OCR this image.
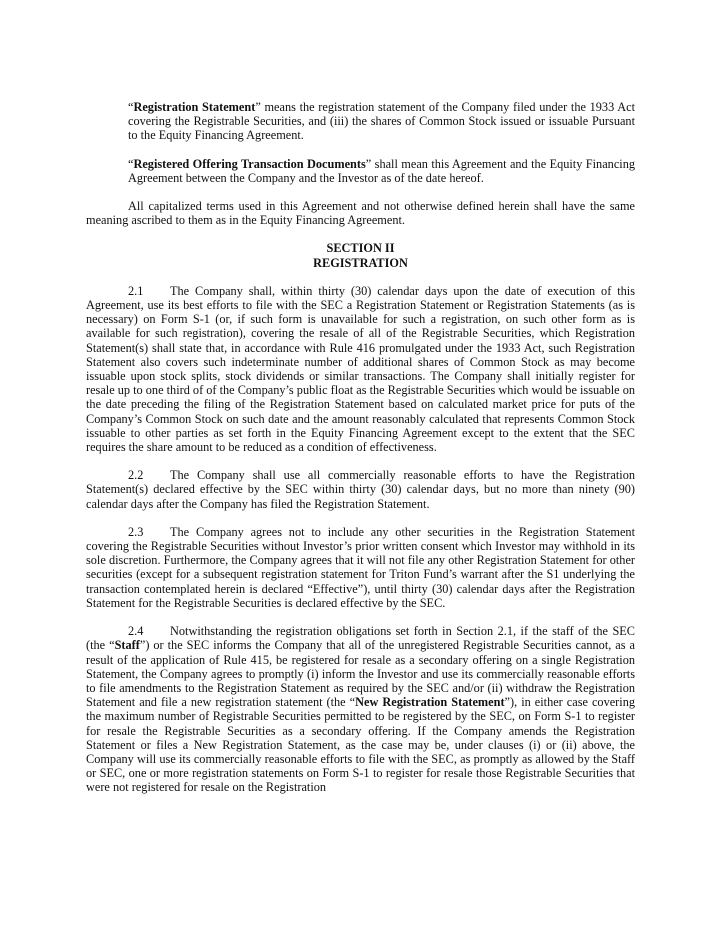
“Registration Statement” means the registration statement of the Company filed under the 1933 Act covering the Registrable Securities, and (iii) the shares of Common Stock issued or issuable Pursuant to the Equity Financing Agreement.

“Registered Offering Transaction Documents” shall mean this Agreement and the Equity Financing Agreement between the Company and the Investor as of the date hereof.

All capitalized terms used in this Agreement and not otherwise defined herein shall have the same meaning ascribed to them as in the Equity Financing Agreement.

SECTION II
REGISTRATION

2.1 The Company shall, within thirty (30) calendar days upon the date of execution of this Agreement, use its best efforts to file with the SEC a Registration Statement or Registration Statements (as is necessary) on Form S-1 (or, if such form is unavailable for such a registration, on such other form as is available for such registration), covering the resale of all of the Registrable Securities, which Registration Statement(s) shall state that, in accordance with Rule 416 promulgated under the 1933 Act, such Registration Statement also covers such indeterminate number of additional shares of Common Stock as may become issuable upon stock splits, stock dividends or similar transactions. The Company shall initially register for resale up to one third of of the Company’s public float as the Registrable Securities which would be issuable on the date preceding the filing of the Registration Statement based on calculated market price for puts of the Company’s Common Stock on such date and the amount reasonably calculated that represents Common Stock issuable to other parties as set forth in the Equity Financing Agreement except to the extent that the SEC requires the share amount to be reduced as a condition of effectiveness.

2.2 The Company shall use all commercially reasonable efforts to have the Registration Statement(s) declared effective by the SEC within thirty (30) calendar days, but no more than ninety (90) calendar days after the Company has filed the Registration Statement.

2.3 The Company agrees not to include any other securities in the Registration Statement covering the Registrable Securities without Investor’s prior written consent which Investor may withhold in its sole discretion. Furthermore, the Company agrees that it will not file any other Registration Statement for other securities (except for a subsequent registration statement for Triton Fund’s warrant after the S1 underlying the transaction contemplated herein is declared “Effective”), until thirty (30) calendar days after the Registration Statement for the Registrable Securities is declared effective by the SEC.

2.4 Notwithstanding the registration obligations set forth in Section 2.1, if the staff of the SEC (the “Staff”) or the SEC informs the Company that all of the unregistered Registrable Securities cannot, as a result of the application of Rule 415, be registered for resale as a secondary offering on a single Registration Statement, the Company agrees to promptly (i) inform the Investor and use its commercially reasonable efforts to file amendments to the Registration Statement as required by the SEC and/or (ii) withdraw the Registration Statement and file a new registration statement (the “New Registration Statement”), in either case covering the maximum number of Registrable Securities permitted to be registered by the SEC, on Form S-1 to register for resale the Registrable Securities as a secondary offering. If the Company amends the Registration Statement or files a New Registration Statement, as the case may be, under clauses (i) or (ii) above, the Company will use its commercially reasonable efforts to file with the SEC, as promptly as allowed by the Staff or SEC, one or more registration statements on Form S-1 to register for resale those Registrable Securities that were not registered for resale on the Registration
